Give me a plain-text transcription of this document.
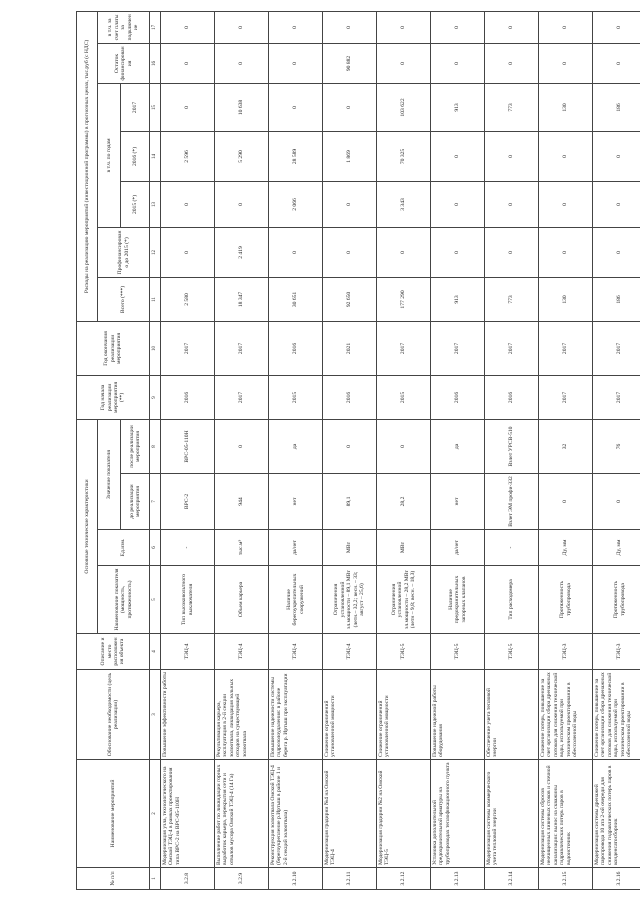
№ п/п	Наименование мероприятий	Обоснование необходимости (цель реализации)	Описание и место расположения объекта	Основные технические характеристики				Год начала реализации мероприятия (**)	Год окончания реализации мероприятия	Расходы на реализацию мероприятий (инвестиционной программы) в прогнозных ценах, тыс.руб (с НДС)						
				Наименование показателя (мощность, протяженность)	Ед.изм.	Значение показателя				Всего (***)	Профинансировано до 2015 (*)	в т.ч. по годам			Остаток финансирования	в т.ч. за счет платы за подключение
						до реализации мероприятия	после реализации мероприятия					2015 (*)	2016 (*)	2017		
1	2	3	4	5	6	7	8	9	10	11	12	13	14	15	16	17
3.2.8	Модернизация узла, технологического на Омской ТЭЦ-4 в рамках проектирования типа ВРС-2 на ВРС-05-110H	Повышение эффективности работы	ТЭЦ-4	Тип высоковольтного выключателя	-	ВРС-2	ВРС-05-110H	2016	2017	2 580	0	0	2 596	0	0	0
3.2.9	Выполнение работ по ликвидации горных выработок карьера, перекрытия сети и отвалов мусора Омской ТЭЦ-4 (14 Га)	Рекультивация карьера, эксплуатация в 2-й секции золоотвала, ликвидация зольных отходов на существующей золоотвала	ТЭЦ-4	Объем карьера	тыс.м³	944	0	2017	2017	18 347	2 419	0	5 290	10 638	0	0
3.2.10	Реконструкция золоотвала Омской ТЭЦ-4 (берегоукрепление р.Иртыш в районе 1 и 2-й секций золоотвала)	Повышение надежности системы гидрозолоудаления: в районе берега р. Иртыш при эксплуатации	ТЭЦ-4	Наличие берегоукрепительных сооружений	да/нет	нет	да	2015	2016	30 651	0	2 066	28 589	0	0	0
3.2.11	Модернизация градирни №4 на Омской ТЭЦ-4	Снижение ограничений установленной мощности	ТЭЦ-4	Ограничения установленной эл.мощности – 89,1 МВт (летн.– 32,2; весн. – 33; август – 25,6)	МВт	89,1	0	2016	2021	92 650	0	0	1 869	0	90 882	0
3.2.12	Модернизация градирни №2 на Омской ТЭЦ-5	Снижение ограничений установленной мощности	ТЭЦ-5	Ограничения установленной эл.мощности – 28,2 МВт (летн – 9,8; весн. – 18,3)	МВт	28,2	0	2015	2017	177 290	0	3 343	70 325	103 622	0	0
3.2.13	Установка дополнительной предохранительной арматуры на трубопроводах теплофикационного пункта	Повышение надежной работы оборудования	ТЭЦ-5	Наличие предохранительных запорных клапанов	да/нет	нет	да	2016	2017	913	0	0	0	913	0	0
3.2.14	Модернизация системы коммерческого учета тепловой энергии	Обеспечение учета тепловой энергии	ТЭЦ-5	Тип расходомера	-	Взлет ЭМ профи-332	Взлет УРСВ-510	2016	2017	773	0	0	0	773	0	0
3.2.15	Модернизация системы сбросов неочищенных ливневых стоков и сточной канализации: вынос на скважины гидравлических потерь паров в водоисточник	Снижение потерь, повышение за счет организации сбора дренажных потоков для снижения технической воды, используемой при техническом проектировании в обессоленной воды	ТЭЦ-3	Протяженность трубопровода	Ду, мм	0	32	2017	2017	130	0	0	0	130	0	0
3.2.16	Модернизация системы дренажей паропровода 10 ата 2-ой очереди для снижения гидравлических потерь паров в конденсатосборник	Снижение потерь, повышение за счет организации сбора дренажных потоков для снижения технической воды, используемой при техническом проектировании в обессоленной воды	ТЭЦ-3	Протяженность трубопровода	Ду, мм	0	76	2017	2017	186	0	0	0	186	0	0
